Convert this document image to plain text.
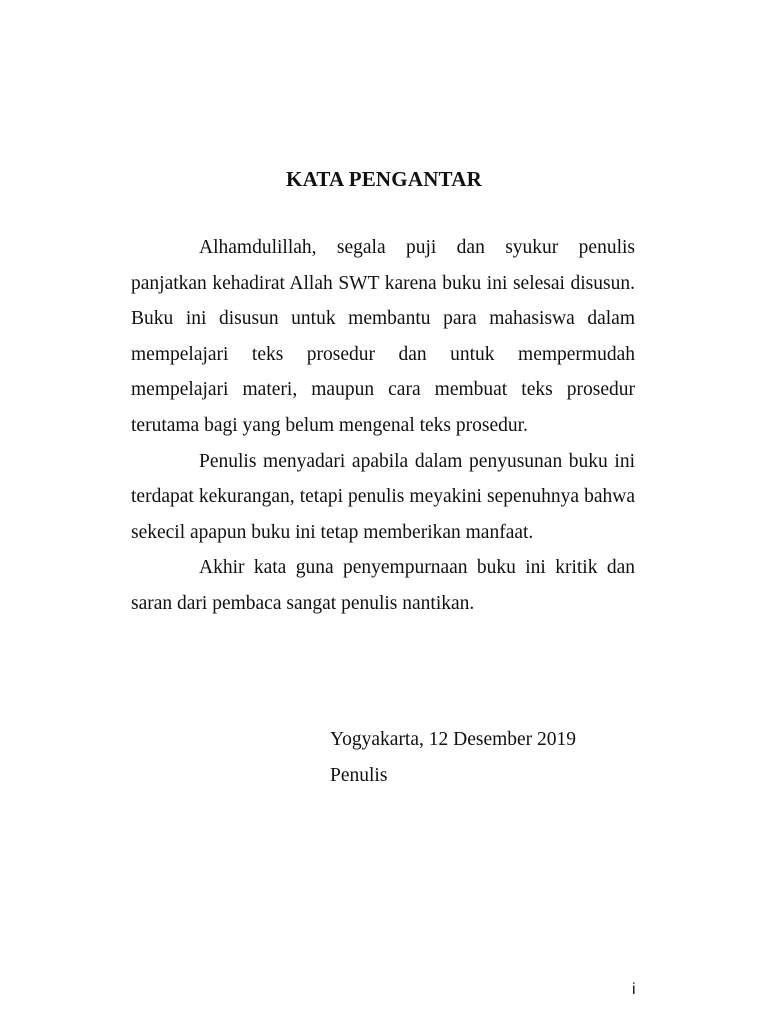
KATA PENGANTAR

Alhamdulillah, segala puji dan syukur penulis panjatkan kehadirat Allah SWT karena buku ini selesai disusun. Buku ini disusun untuk membantu para mahasiswa dalam mempelajari teks prosedur dan untuk mempermudah mempelajari materi, maupun cara membuat teks prosedur terutama bagi yang belum mengenal teks prosedur.

Penulis menyadari apabila dalam penyusunan buku ini terdapat kekurangan, tetapi penulis meyakini sepenuhnya bahwa sekecil apapun buku ini tetap memberikan manfaat.

Akhir kata guna penyempurnaan buku ini kritik dan saran dari pembaca sangat penulis nantikan.

Yogyakarta, 12 Desember 2019
Penulis
i
